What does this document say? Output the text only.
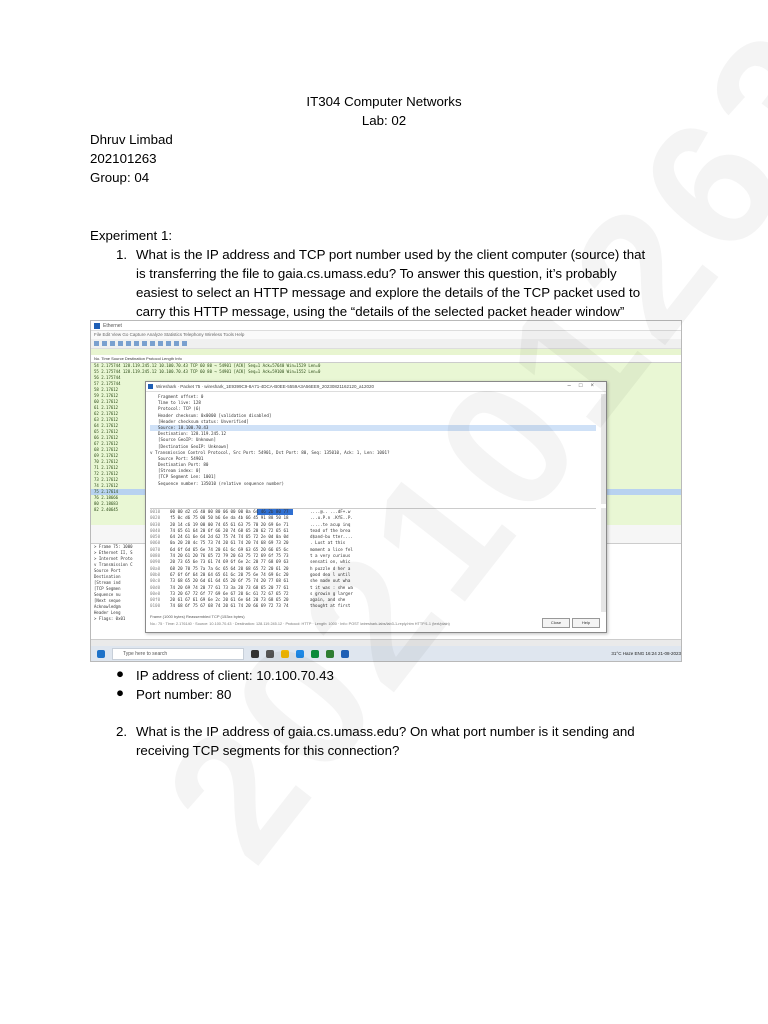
IT304 Computer Networks
Lab: 02
Dhruv Limbad
202101263
Group: 04
Experiment 1:
1. What is the IP address and TCP port number used by the client computer (source) that
is transferring the file to gaia.cs.umass.edu? To answer this question, it’s probably
easiest to select an HTTP message and explore the details of the TCP packet used to
carry this HTTP message, using the “details of the selected packet header window”
Ethernet
File Edit View Go Capture Analyze Statistics Telephony Wireless Tools Help
No. Time Source Destination Protocol Length Info
54 2.175744 128.119.245.12 10.100.70.43 TCP 60 80 → 54901 [ACK] Seq=1 Ack=57640 Win=1529 Len=0
55 2.175744 128.119.245.12 10.100.70.43 TCP 60 80 → 54901 [ACK] Seq=1 Ack=59100 Win=1552 Len=0
56 2.175744
57 2.175744
58 2.17612
59 2.17612
60 2.17612
61 2.17612
62 2.17612
63 2.17612
64 2.17612
65 2.17612
66 2.17612
67 2.17612
68 2.17612
69 2.17612
70 2.17612
71 2.17612
72 2.17612
73 2.17612
74 2.17612
75 2.17614
76 2.18666
80 2.18683
82 2.40645
> Frame 75: 1000
> Ethernet II, S
> Internet Proto
v Transmission C
Source Port
Destination
[Stream ind
[TCP Segmen
Sequence nu
[Next seque
Acknowledgm
Header Leng
> Flags: 0x01
Type here to search	31°C Haze ENG 16:24 21-08-2023
Wireshark · Packet 75 · wireshark_1E9399C9-8A71-4DCA-B0EE-5559A3A56EE9_20230821162120_a12020	–□×
Fragment offset: 0
Time to live: 128
Protocol: TCP (6)
Header checksum: 0x0000 [validation disabled]
[Header checksum status: Unverified]
Source: 10.100.70.43
Destination: 128.119.245.12
[Source GeoIP: Unknown]
[Destination GeoIP: Unknown]
v Transmission Control Protocol, Src Port: 54901, Dst Port: 80, Seq: 135010, Ack: 1, Len: 1001?
Source Port: 54901
Destination Port: 80
[Stream index: 0]
[TCP Segment Len: 1001]
Sequence number: 135010 (relative sequence number)
0010	00 00 d2 c6 40 00 80 06 00 00 0a 64 46 2b 80 77	....@.. ...dF+.w
0020	f5 0c d6 75 00 50 b6 6e da 4b 66 45 91 88 50 18	...u.P.n .KfE..P.
0030	20 14 c6 19 00 00 74 65 61 63 75 70 20 69 6e 71	.....te acup inq
0040	74 65 61 64 20 6f 66 20 74 68 65 20 62 72 65 61	tead of the brea
0050	64 24 61 6e 64 2d 62 75 74 74 65 72 2e 0d 0a 0d	d$and-bu tter....
0060	0a 20 20 4c 75 73 74 20 61 74 20 74 68 69 73 20	. Lust at this
0070	6d 6f 6d 65 6e 74 20 61 6c 69 63 65 20 66 65 6c	moment a lice fel
0080	74 20 61 20 76 65 72 79 20 63 75 72 69 6f 75 73	t a very curious
0090	20 73 65 6e 73 61 74 69 6f 6e 2c 20 77 68 69 63	sensati on, whic
00a0	68 20 70 75 7a 7a 6c 65 64 20 68 65 72 20 61 20	h puzzle d her a
00b0	67 6f 6f 64 20 64 65 61 6c 20 75 6e 74 69 6c 20	good dea l until
00c0	73 68 65 20 6d 61 64 65 20 6f 75 74 20 77 68 61	she made out wha
00d0	74 20 69 74 20 77 61 73 3a 20 73 68 65 20 77 61	t it was : she wa
00e0	73 20 67 72 6f 77 69 6e 67 20 6c 61 72 67 65 72	s growin g larger
00f0	20 61 67 61 69 6e 2c 20 61 6e 64 20 73 68 65 20	again, and she
0100	74 68 6f 75 67 68 74 20 61 74 20 66 69 72 73 74	thought at first
Frame (1000 bytes) Reassembled TCP (153xx bytes)
No.: 75 · Time: 2.176140 · Source: 10.100.70.43 · Destination: 128.119.245.12 · Protocol: HTTP · Length: 1000 · Info: POST /wireshark-labs/lab3-1-reply.htm HTTP/1.1 (text/plain)	Close	Help
● IP address of client: 10.100.70.43
● Port number: 80
2. What is the IP address of gaia.cs.umass.edu? On what port number is it sending and
receiving TCP segments for this connection?
